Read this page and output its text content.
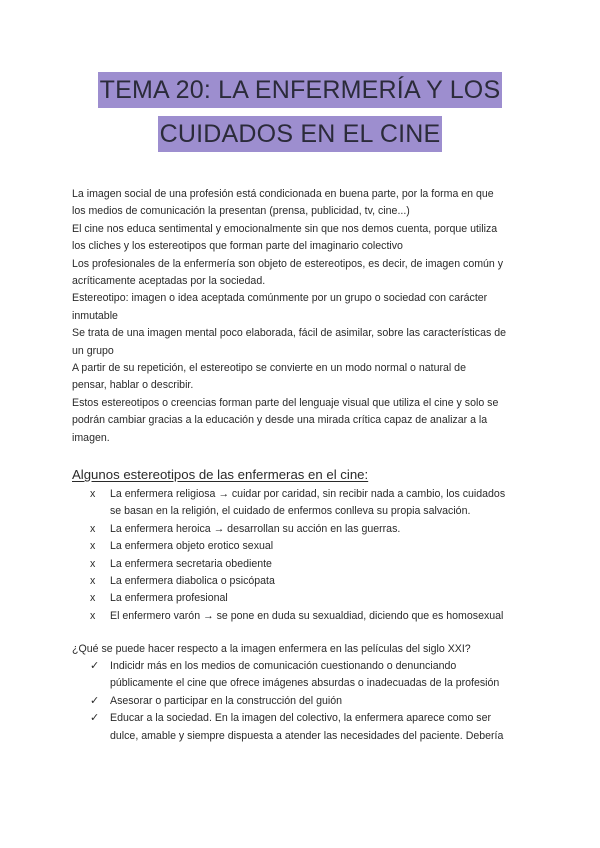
TEMA 20: LA ENFERMERÍA Y LOS
CUIDADOS EN EL CINE
La imagen social de una profesión está condicionada en buena parte, por la forma en que
los medios de comunicación la presentan (prensa, publicidad, tv, cine...)
El cine nos educa sentimental y emocionalmente sin que nos demos cuenta, porque utiliza
los cliches y los estereotipos que forman parte del imaginario colectivo
Los profesionales de la enfermería son objeto de estereotipos, es decir, de imagen común y
acríticamente aceptadas por la sociedad.
Estereotipo: imagen o idea aceptada comúnmente por un grupo o sociedad con carácter
inmutable
Se trata de una imagen mental poco elaborada, fácil de asimilar, sobre las características de
un grupo
A partir de su repetición, el estereotipo se convierte en un modo normal o natural de
pensar, hablar o describir.
Estos estereotipos o creencias forman parte del lenguaje visual que utiliza el cine y solo se
podrán cambiar gracias a la educación y desde una mirada crítica capaz de analizar a la
imagen.
Algunos estereotipos de las enfermeras en el cine:
x	La enfermera religiosa → cuidar por caridad, sin recibir nada a cambio, los cuidados
se basan en la religión, el cuidado de enfermos conlleva su propia salvación.
x	La enfermera heroica → desarrollan su acción en las guerras.
x	La enfermera objeto erotico sexual
x	La enfermera secretaria obediente
x	La enfermera diabolica o psicópata
x	La enfermera profesional
x	El enfermero varón → se pone en duda su sexualdiad, diciendo que es homosexual
¿Qué se puede hacer respecto a la imagen enfermera en las películas del siglo XXI?
✓	Indicidr más en los medios de comunicación cuestionando o denunciando
públicamente el cine que ofrece imágenes absurdas o inadecuadas de la profesión
✓	Asesorar o participar en la construcción del guión
✓	Educar a la sociedad. En la imagen del colectivo, la enfermera aparece como ser
dulce, amable y siempre dispuesta a atender las necesidades del paciente. Debería
